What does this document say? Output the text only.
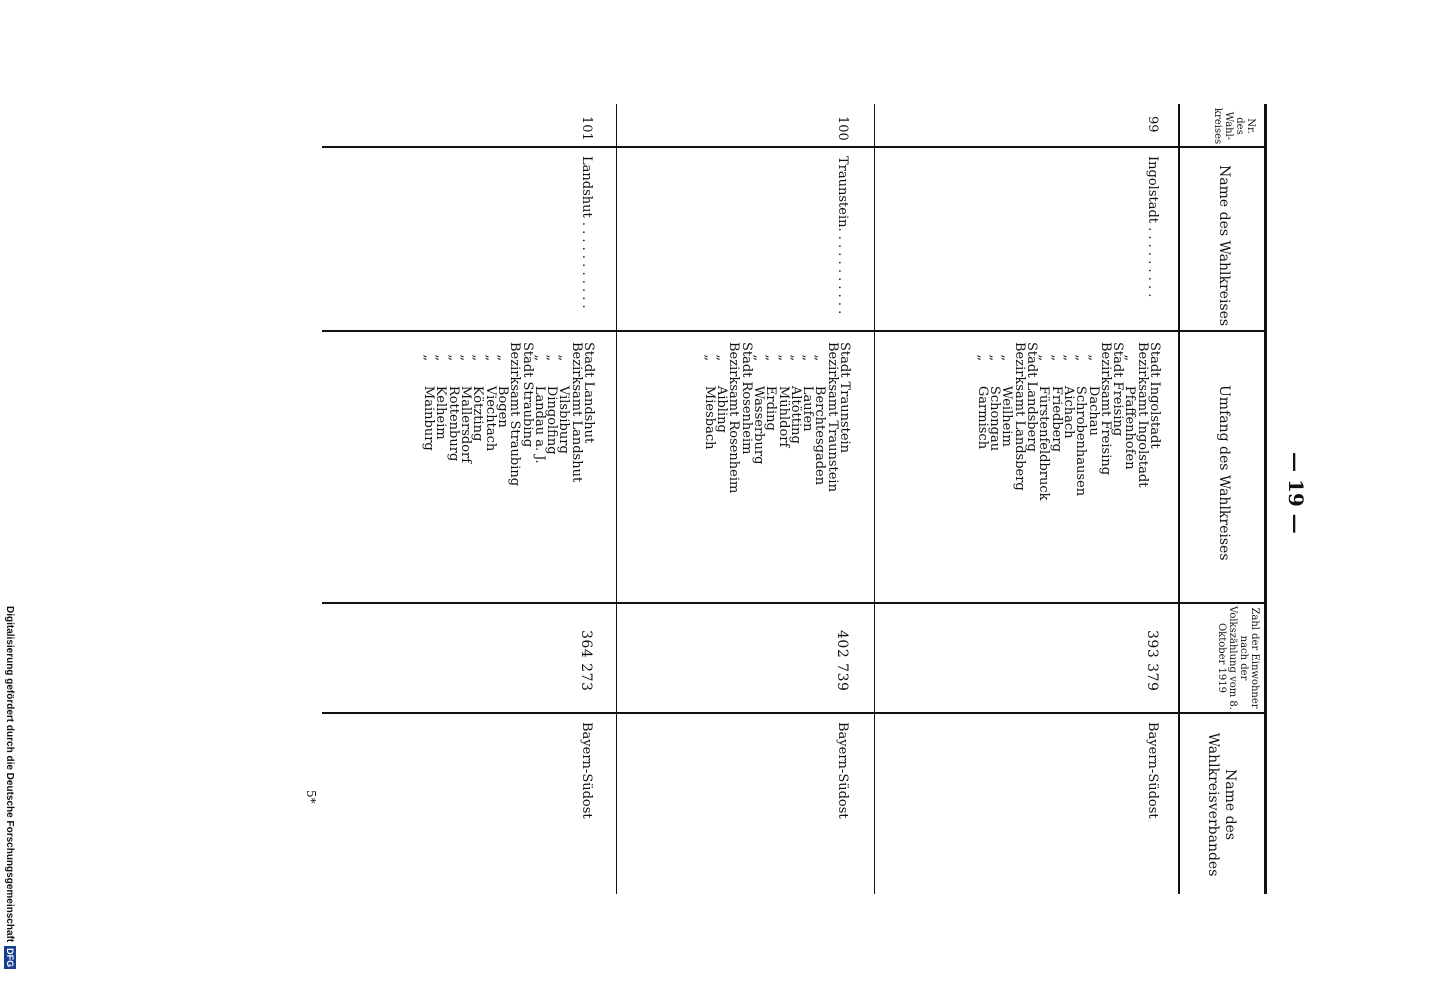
— 19 —
Nr. des Wahl- kreises
Name des Wahlkreises
Umfang des Wahlkreises
Zahl der Einwohner nach der Volkszählung vom 8. Oktober 1919
Name des Wahlkreisverbandes
99
Ingolstadt . . . . . . . . .
Stadt Ingolstadt
Bezirksamt Ingolstadt
„      Pfaffenhofen
Stadt Freising
Bezirksamt Freising
„      Dachau
„      Schrobenhausen
„      Aichach
„      Friedberg
„      Fürstenfeldbruck
Stadt Landsberg
Bezirksamt Landsberg
„      Weilheim
„      Schongau
„      Garmisch
393 379
Bayern-Südost
100
Traunstein. . . . . . . . . . .
Stadt Traunstein
Bezirksamt Traunstein
„      Berchtesgaden
„      Laufen
„      Altötting
„      Mühldorf
„      Erding
„      Wasserburg
Stadt Rosenheim
Bezirksamt Rosenheim
„      Aibling
„      Miesbach
402 739
Bayern-Südost
101
Landshut . . . . . . . . . . .
Stadt Landshut
Bezirksamt Landshut
„      Vilsbiburg
„      Dingolfing
„      Landau a. J.
Stadt Straubing
Bezirksamt Straubing
„      Bogen
„      Viechtach
„      Kötzting
„      Mallersdorf
„      Rottenburg
„      Kelheim
„      Mainburg
364 273
Bayern-Südost
5*
Digitalisierung gefördert durch die Deutsche ForschungsgemeinschaftDFG
